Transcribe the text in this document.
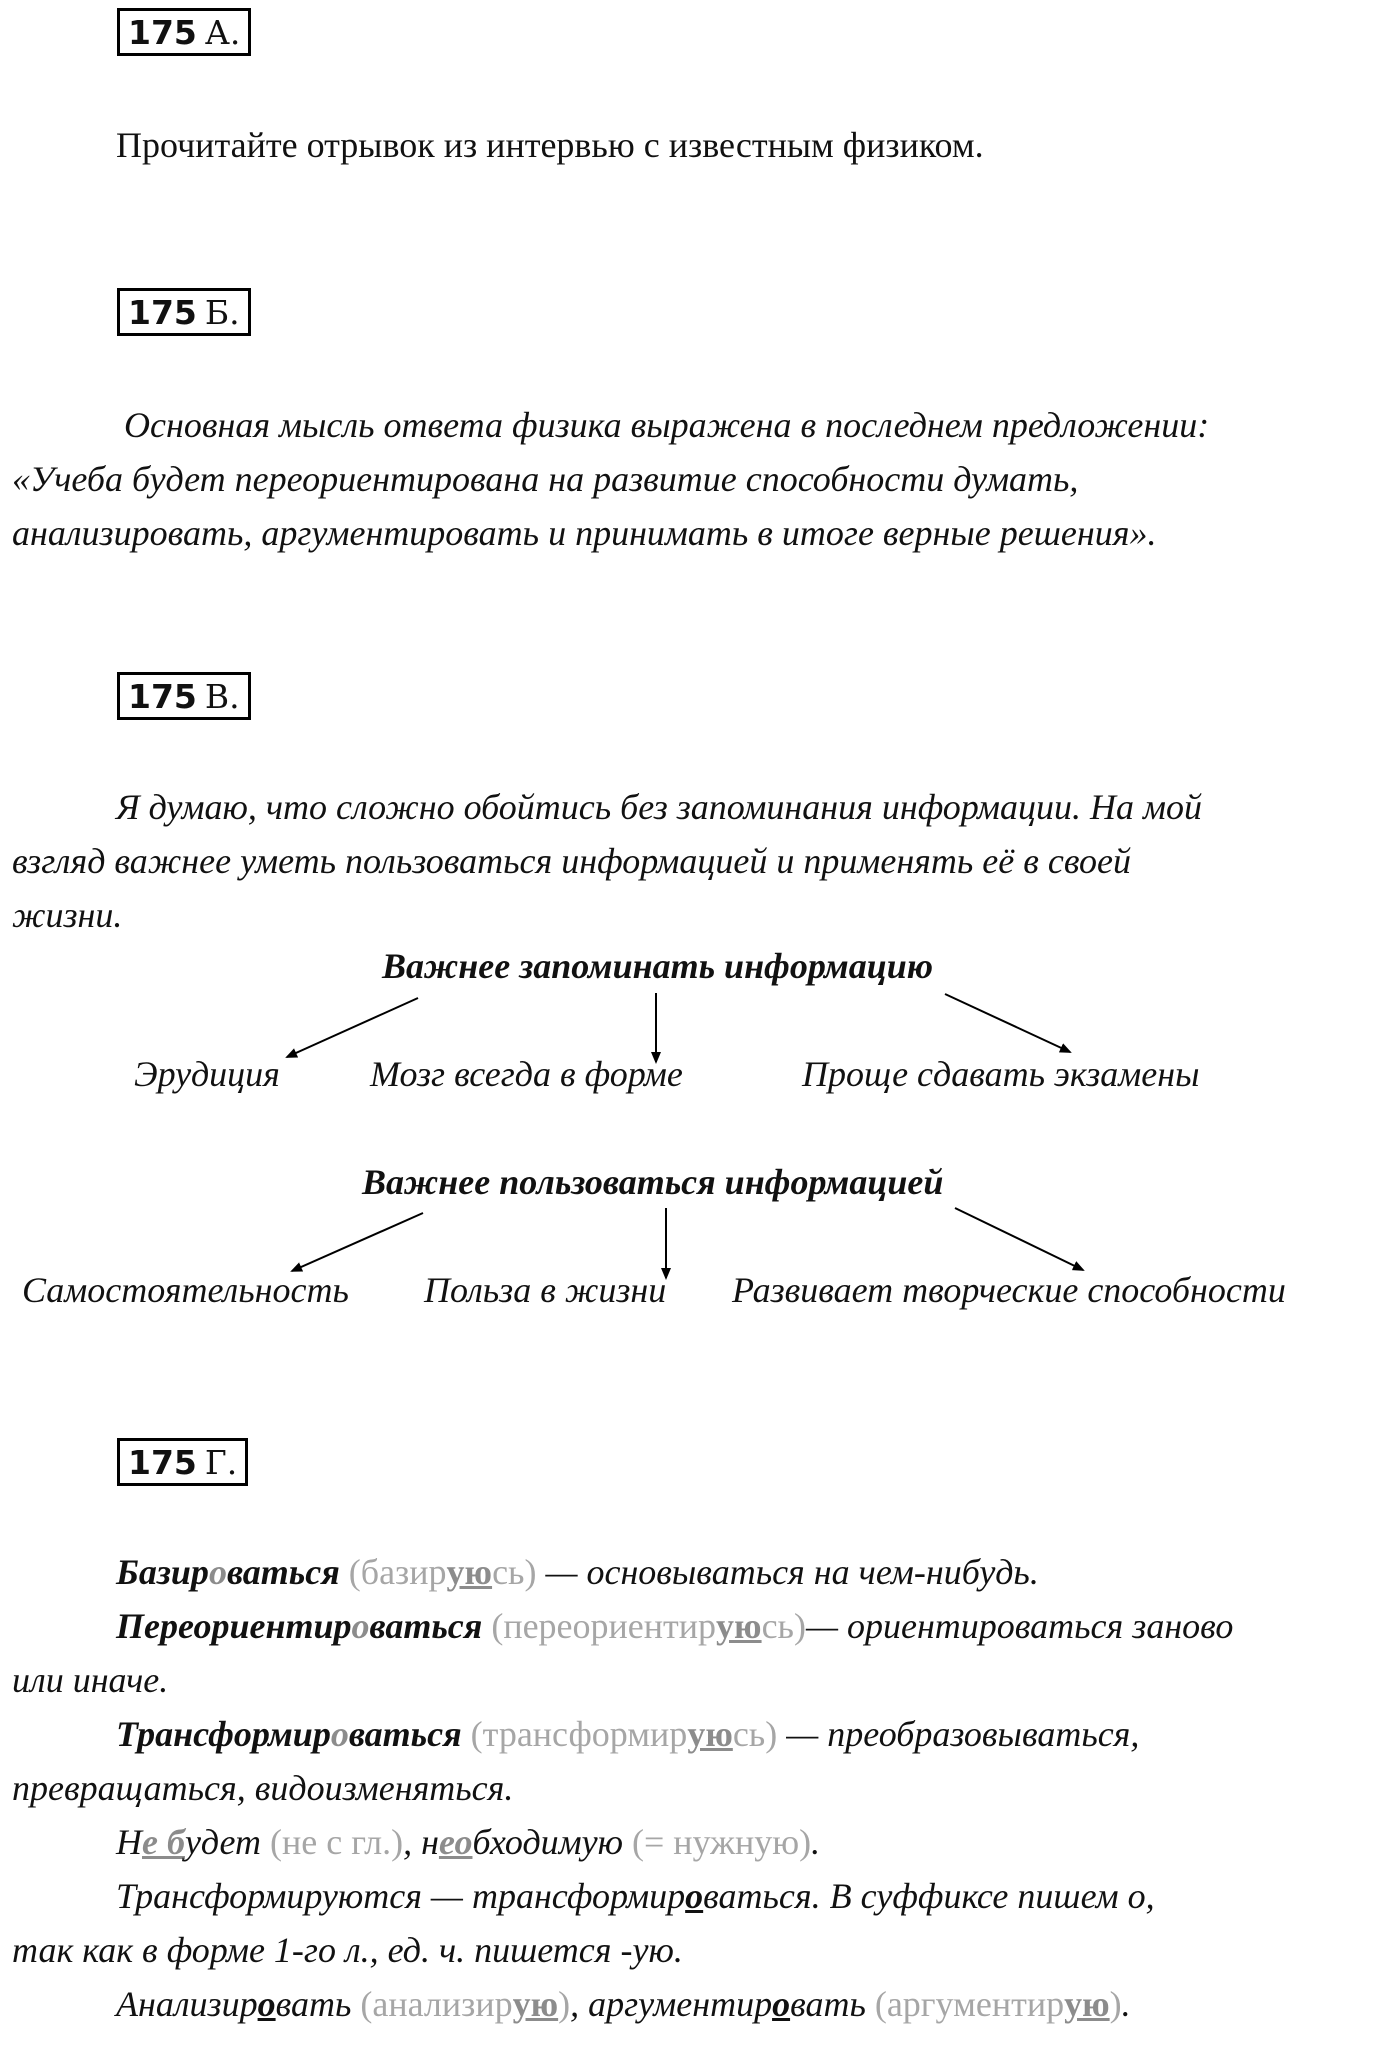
175 А.
Прочитайте отрывок из интервью с известным физиком.
175 Б.
Основная мысль ответа физика выражена в последнем предложении:
«Учеба будет переориентирована на развитие способности думать,
анализировать, аргументировать и принимать в итоге верные решения».
175 В.
Я думаю, что сложно обойтись без запоминания информации. На мой
взгляд важнее уметь пользоваться информацией и применять её в своей
жизни.
Важнее запоминать информацию
Эрудиция	Мозг всегда в форме	Проще сдавать экзамены
Важнее пользоваться информацией
Самостоятельность Польза в жизни Развивает творческие способности
175 Г.
Базироваться (базируюсь) — основываться на чем-нибудь.
Переориентироваться (переориентируюсь)— ориентироваться заново
или иначе.
Трансформироваться (трансформируюсь) — преобразовываться,
превращаться, видоизменяться.
Не будет (не с гл.), необходимую (= нужную).
Трансформируются — трансформироваться. В суффиксе пишем о,
так как в форме 1-го л., ед. ч. пишется -ую.
Анализировать (анализирую), аргументировать (аргументирую).
